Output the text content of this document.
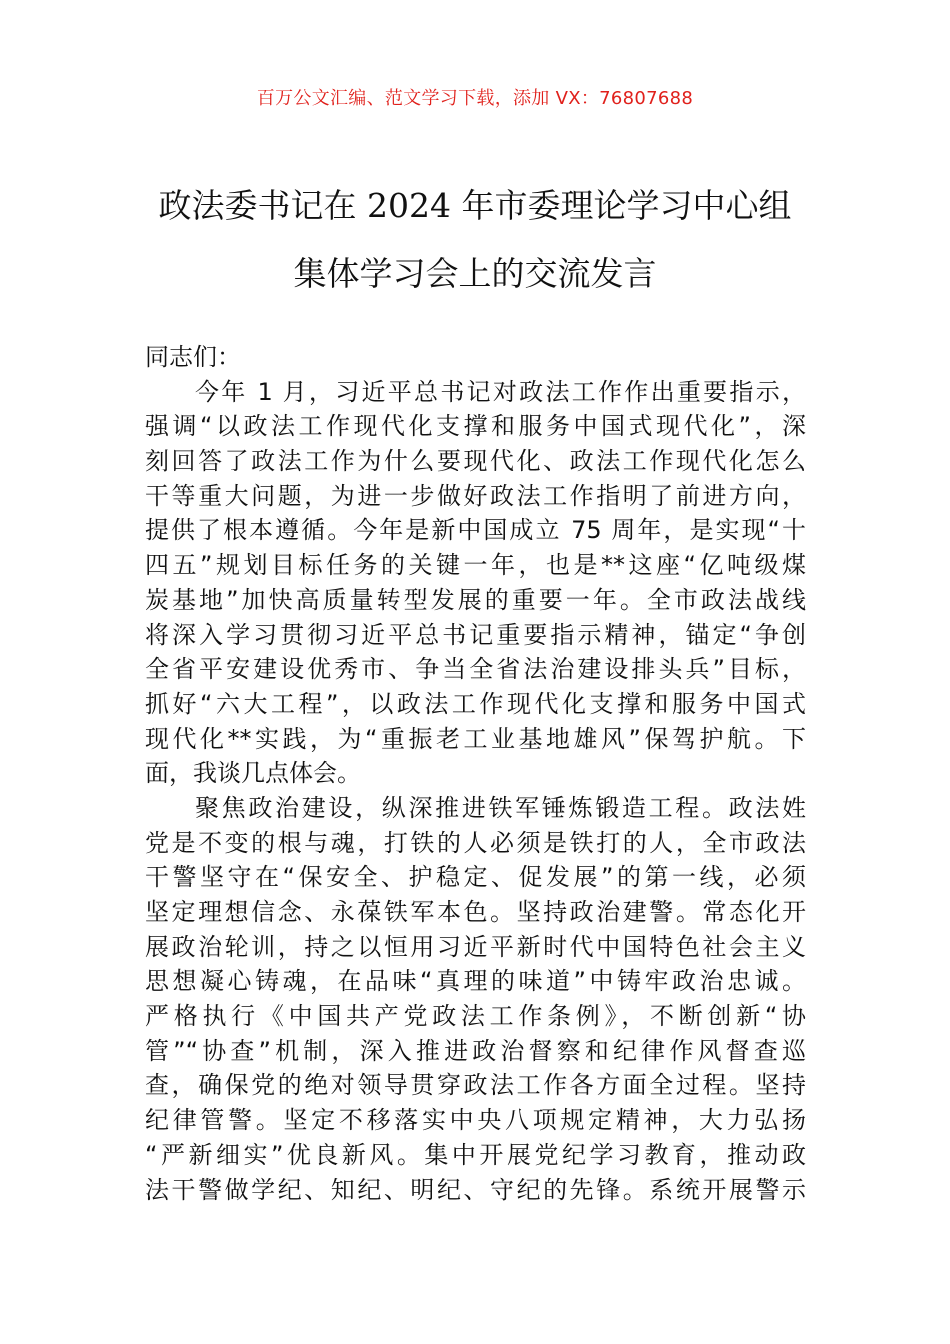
百万公文汇编、范文学习下载，添加 VX：76807688
政法委书记在 2024 年市委理论学习中心组
集体学习会上的交流发言
同志们：
今年 1 月，习近平总书记对政法工作作出重要指示，
强调“以政法工作现代化支撑和服务中国式现代化”，深
刻回答了政法工作为什么要现代化、政法工作现代化怎么
干等重大问题，为进一步做好政法工作指明了前进方向，
提供了根本遵循。今年是新中国成立 75 周年，是实现“十
四五”规划目标任务的关键一年，也是**这座“亿吨级煤
炭基地”加快高质量转型发展的重要一年。全市政法战线
将深入学习贯彻习近平总书记重要指示精神，锚定“争创
全省平安建设优秀市、争当全省法治建设排头兵”目标，
抓好“六大工程”，以政法工作现代化支撑和服务中国式
现代化**实践，为“重振老工业基地雄风”保驾护航。下
面，我谈几点体会。
聚焦政治建设，纵深推进铁军锤炼锻造工程。政法姓
党是不变的根与魂，打铁的人必须是铁打的人，全市政法
干警坚守在“保安全、护稳定、促发展”的第一线，必须
坚定理想信念、永葆铁军本色。坚持政治建警。常态化开
展政治轮训，持之以恒用习近平新时代中国特色社会主义
思想凝心铸魂，在品味“真理的味道”中铸牢政治忠诚。
严格执行《中国共产党政法工作条例》，不断创新“协
管”“协查”机制，深入推进政治督察和纪律作风督查巡
查，确保党的绝对领导贯穿政法工作各方面全过程。坚持
纪律管警。坚定不移落实中央八项规定精神，大力弘扬
“严新细实”优良新风。集中开展党纪学习教育，推动政
法干警做学纪、知纪、明纪、守纪的先锋。系统开展警示
